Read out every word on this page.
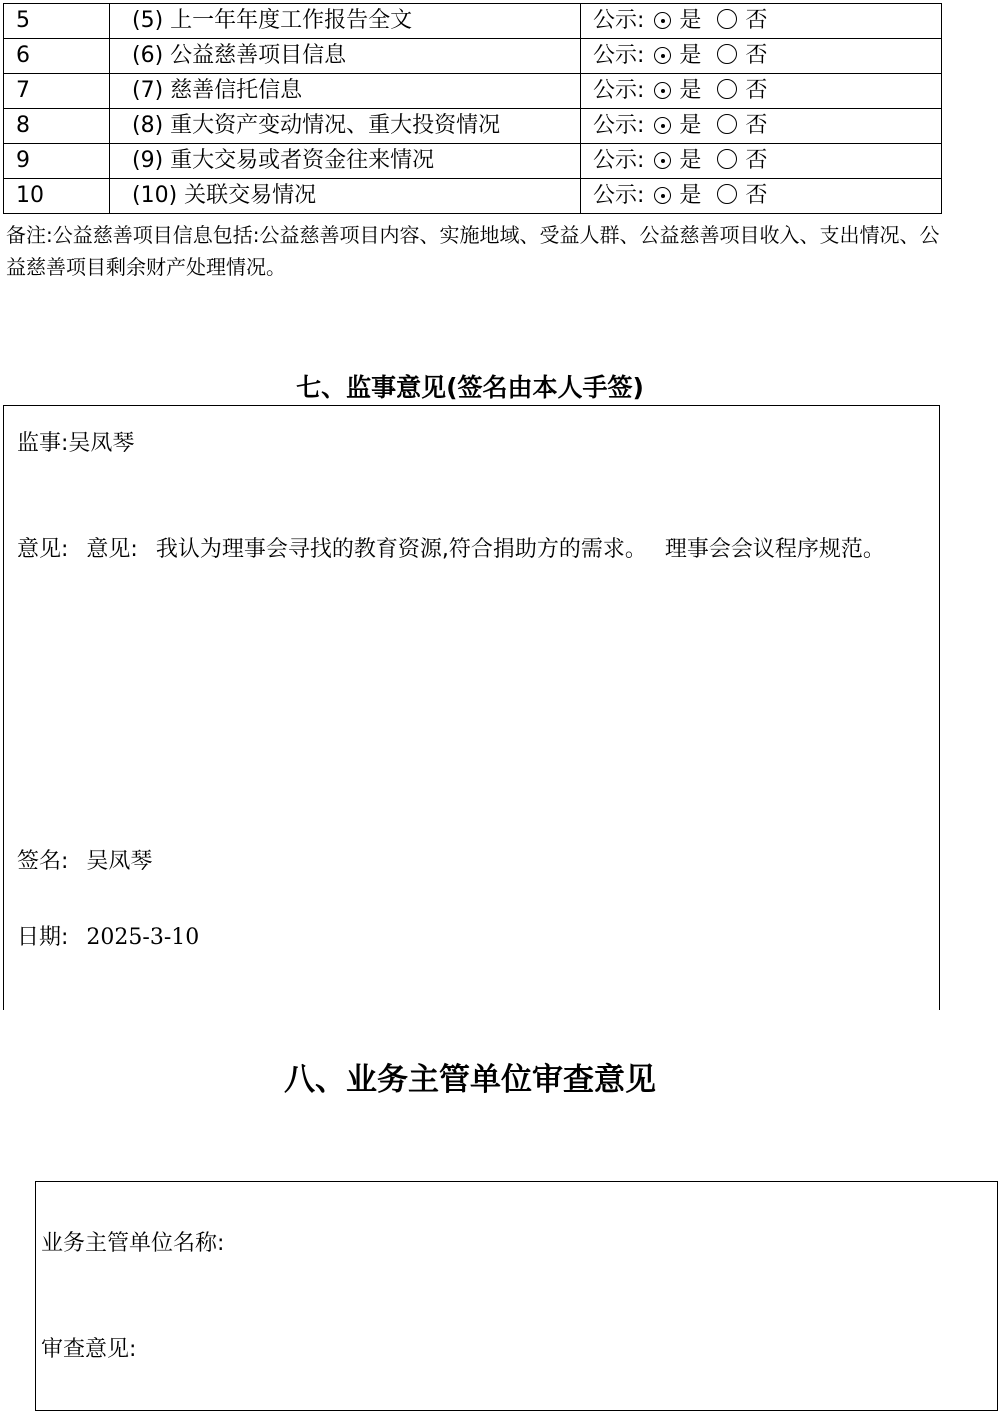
5	(5) 上一年年度工作报告全文	公示: 是 否
6	(6) 公益慈善项目信息	公示: 是 否
7	(7) 慈善信托信息	公示: 是 否
8	(8) 重大资产变动情况、重大投资情况	公示: 是 否
9	(9) 重大交易或者资金往来情况	公示: 是 否
10	(10) 关联交易情况	公示: 是 否
备注:公益慈善项目信息包括:公益慈善项目内容、实施地域、受益人群、公益慈善项目收入、支出情况、公益慈善项目剩余财产处理情况。
七、监事意见(签名由本人手签)
监事:吴凤琴
意见: 意见: 我认为理事会寻找的教育资源,符合捐助方的需求。 理事会会议程序规范。
签名: 吴凤琴
日期: 2025-3-10
八、业务主管单位审查意见
业务主管单位名称:
审查意见:
